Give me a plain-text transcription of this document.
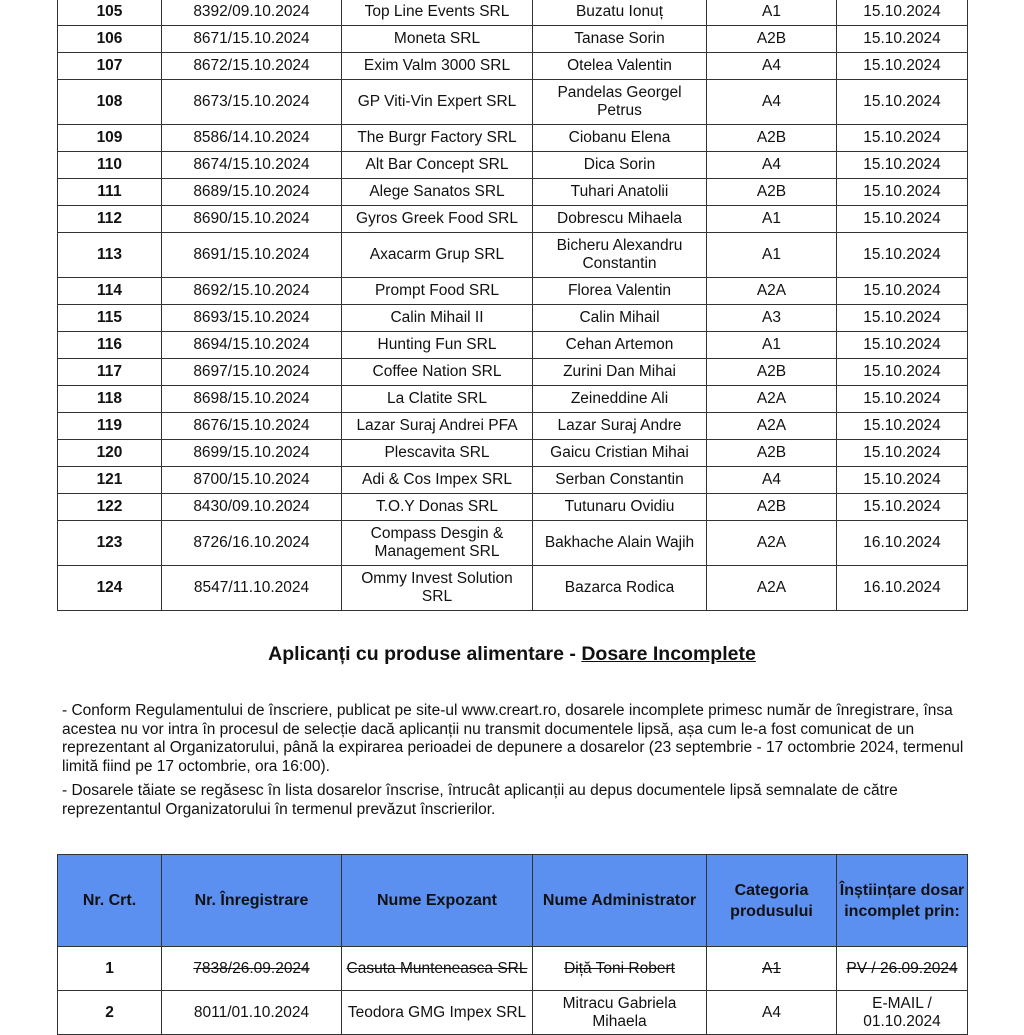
105	8392/09.10.2024	Top Line Events SRL	Buzatu Ionuț	A1	15.10.2024
106	8671/15.10.2024	Moneta SRL	Tanase Sorin	A2B	15.10.2024
107	8672/15.10.2024	Exim Valm 3000 SRL	Otelea Valentin	A4	15.10.2024
108	8673/15.10.2024	GP Viti-Vin Expert SRL	Pandelas Georgel Petrus	A4	15.10.2024
109	8586/14.10.2024	The Burgr Factory SRL	Ciobanu Elena	A2B	15.10.2024
110	8674/15.10.2024	Alt Bar Concept SRL	Dica Sorin	A4	15.10.2024
111	8689/15.10.2024	Alege Sanatos SRL	Tuhari Anatolii	A2B	15.10.2024
112	8690/15.10.2024	Gyros Greek Food SRL	Dobrescu Mihaela	A1	15.10.2024
113	8691/15.10.2024	Axacarm Grup SRL	Bicheru Alexandru Constantin	A1	15.10.2024
114	8692/15.10.2024	Prompt Food SRL	Florea Valentin	A2A	15.10.2024
115	8693/15.10.2024	Calin Mihail II	Calin Mihail	A3	15.10.2024
116	8694/15.10.2024	Hunting Fun SRL	Cehan Artemon	A1	15.10.2024
117	8697/15.10.2024	Coffee Nation SRL	Zurini Dan Mihai	A2B	15.10.2024
118	8698/15.10.2024	La Clatite SRL	Zeineddine Ali	A2A	15.10.2024
119	8676/15.10.2024	Lazar Suraj Andrei PFA	Lazar Suraj Andre	A2A	15.10.2024
120	8699/15.10.2024	Plescavita SRL	Gaicu Cristian Mihai	A2B	15.10.2024
121	8700/15.10.2024	Adi & Cos Impex SRL	Serban Constantin	A4	15.10.2024
122	8430/09.10.2024	T.O.Y Donas SRL	Tutunaru Ovidiu	A2B	15.10.2024
123	8726/16.10.2024	Compass Desgin & Management SRL	Bakhache Alain Wajih	A2A	16.10.2024
124	8547/11.10.2024	Ommy Invest Solution SRL	Bazarca Rodica	A2A	16.10.2024
Aplicanți cu produse alimentare - Dosare Incomplete

- Conform Regulamentului de înscriere, publicat pe site-ul www.creart.ro, dosarele incomplete primesc număr de înregistrare, însa acestea nu vor intra în procesul de selecție dacă aplicanții nu transmit documentele lipsă, așa cum le-a fost comunicat de un reprezentant al Organizatorului, până la expirarea perioadei de depunere a dosarelor (23 septembrie - 17 octombrie 2024, termenul limită fiind pe 17 octombrie, ora 16:00).

- Dosarele tăiate se regăsesc în lista dosarelor înscrise, întrucât aplicanții au depus documentele lipsă semnalate de către reprezentantul Organizatorului în termenul prevăzut înscrierilor.

Nr. Crt.	Nr. Înregistrare	Nume Expozant	Nume Administrator	Categoria produsului	Înștiințare dosar incomplet prin:
1	7838/26.09.2024	Casuta Munteneasca SRL	Diță Toni Robert	A1	PV / 26.09.2024
2	8011/01.10.2024	Teodora GMG Impex SRL	Mitracu Gabriela Mihaela	A4	E-MAIL / 01.10.2024
